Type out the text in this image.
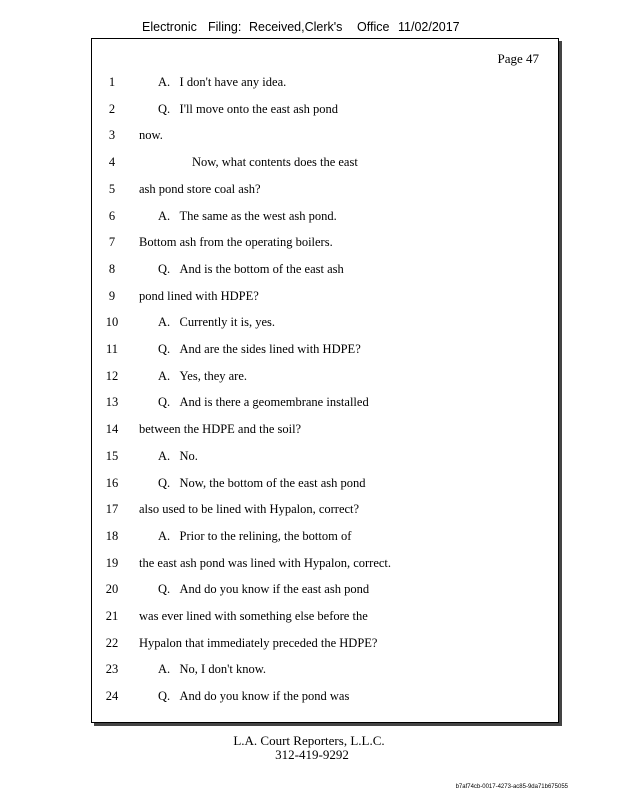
Electronic Filing: Received,Clerk's Office 11/02/2017
Page 47
1	A.   I don't have any idea.
2	Q.   I'll move onto the east ash pond
3	now.
4	Now, what contents does the east
5	ash pond store coal ash?
6	A.   The same as the west ash pond.
7	Bottom ash from the operating boilers.
8	Q.   And is the bottom of the east ash
9	pond lined with HDPE?
10	A.   Currently it is, yes.
11	Q.   And are the sides lined with HDPE?
12	A.   Yes, they are.
13	Q.   And is there a geomembrane installed
14	between the HDPE and the soil?
15	A.   No.
16	Q.   Now, the bottom of the east ash pond
17	also used to be lined with Hypalon, correct?
18	A.   Prior to the relining, the bottom of
19	the east ash pond was lined with Hypalon, correct.
20	Q.   And do you know if the east ash pond
21	was ever lined with something else before the
22	Hypalon that immediately preceded the HDPE?
23	A.   No, I don't know.
24	Q.   And do you know if the pond was
L.A. Court Reporters, L.L.C.
312-419-9292
b7af74cb-0017-4273-ac85-9da71b675055
